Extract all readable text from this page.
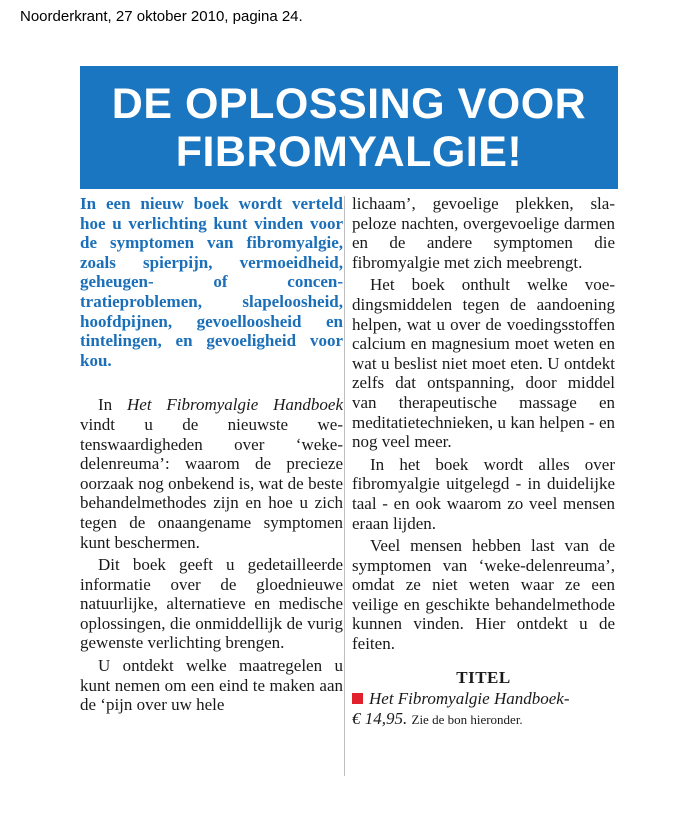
Noorderkrant, 27 oktober 2010, pagina 24.
DE OPLOSSING VOOR
FIBROMYALGIE!

In een nieuw boek wordt verteld hoe u verlichting kunt vinden voor de symptomen van fibromyalgie, zoals spierpijn, vermoeidheid, geheugen- of concentratieproblemen, slapeloosheid, hoofdpijnen, gevoelloosheid en tintelingen, en gevoeligheid voor kou.

In Het Fibromyalgie Handboek vindt u de nieuwste wetenswaardigheden over ‘weke-delenreuma’: waarom de precieze oorzaak nog onbekend is, wat de beste behandelmethodes zijn en hoe u zich tegen de onaangename symptomen kunt beschermen.

Dit boek geeft u gedetailleerde informatie over de gloednieuwe natuurlijke, alternatieve en medische oplossingen, die onmiddellijk de vurig gewenste verlichting brengen.

U ontdekt welke maatregelen u kunt nemen om een eind te maken aan de ‘pijn over uw hele

lichaam’, gevoelige plekken, slapeloze nachten, overgevoelige darmen en de andere symptomen die fibromyalgie met zich meebrengt.

Het boek onthult welke voedingsmiddelen tegen de aandoening helpen, wat u over de voedingsstoffen calcium en magnesium moet weten en wat u beslist niet moet eten. U ontdekt zelfs dat ontspanning, door middel van therapeutische massage en meditatietechnieken, u kan helpen - en nog veel meer.

In het boek wordt alles over fibromyalgie uitgelegd - in duidelijke taal - en ook waarom zo veel mensen eraan lijden.

Veel mensen hebben last van de symptomen van ‘weke-delenreuma’, omdat ze niet weten waar ze een veilige en geschikte behandelmethode kunnen vinden. Hier ontdekt u de feiten.

TITEL
Het Fibromyalgie Handboek-
€ 14,95. Zie de bon hieronder.
